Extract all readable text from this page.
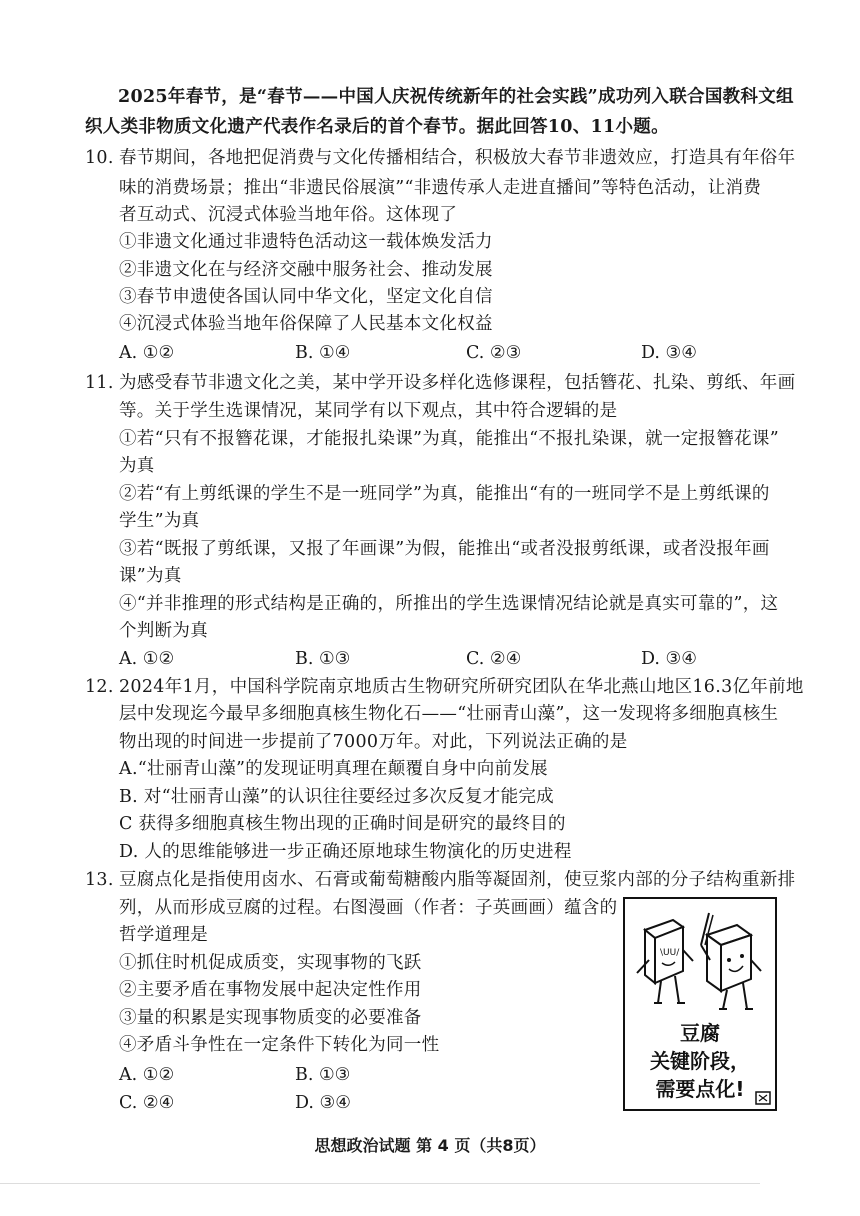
2025年春节，是“春节——中国人庆祝传统新年的社会实践”成功列入联合国教科文组
织人类非物质文化遗产代表作名录后的首个春节。据此回答10、11小题。
10. 春节期间，各地把促消费与文化传播相结合，积极放大春节非遗效应，打造具有年俗年
味的消费场景；推出“非遗民俗展演”“非遗传承人走进直播间”等特色活动，让消费
者互动式、沉浸式体验当地年俗。这体现了
①非遗文化通过非遗特色活动这一载体焕发活力
②非遗文化在与经济交融中服务社会、推动发展
③春节申遗使各国认同中华文化，坚定文化自信
④沉浸式体验当地年俗保障了人民基本文化权益
A. ①②	B. ①④	C. ②③	D. ③④
11. 为感受春节非遗文化之美，某中学开设多样化选修课程，包括簪花、扎染、剪纸、年画
等。关于学生选课情况，某同学有以下观点，其中符合逻辑的是
①若“只有不报簪花课，才能报扎染课”为真，能推出“不报扎染课，就一定报簪花课”
为真
②若“有上剪纸课的学生不是一班同学”为真，能推出“有的一班同学不是上剪纸课的
学生”为真
③若“既报了剪纸课，又报了年画课”为假，能推出“或者没报剪纸课，或者没报年画
课”为真
④“并非推理的形式结构是正确的，所推出的学生选课情况结论就是真实可靠的”，这
个判断为真
A. ①②	B. ①③	C. ②④	D. ③④
12. 2024年1月，中国科学院南京地质古生物研究所研究团队在华北燕山地区16.3亿年前地
层中发现迄今最早多细胞真核生物化石——“壮丽青山藻”，这一发现将多细胞真核生
物出现的时间进一步提前了7000万年。对此，下列说法正确的是
A.“壮丽青山藻”的发现证明真理在颠覆自身中向前发展
B. 对“壮丽青山藻”的认识往往要经过多次反复才能完成
C 获得多细胞真核生物出现的正确时间是研究的最终目的
D. 人的思维能够进一步正确还原地球生物演化的历史进程
13. 豆腐点化是指使用卤水、石膏或葡萄糖酸内脂等凝固剂，使豆浆内部的分子结构重新排
列，从而形成豆腐的过程。右图漫画（作者：子英画画）蕴含的
哲学道理是
①抓住时机促成质变，实现事物的飞跃
②主要矛盾在事物发展中起决定性作用
③量的积累是实现事物质变的必要准备
④矛盾斗争性在一定条件下转化为同一性
A. ①②	B. ①③
C. ②④	D. ③④
\UU/
豆腐
关键阶段，
需要点化!
思想政治试题 第 4 页（共8页）
